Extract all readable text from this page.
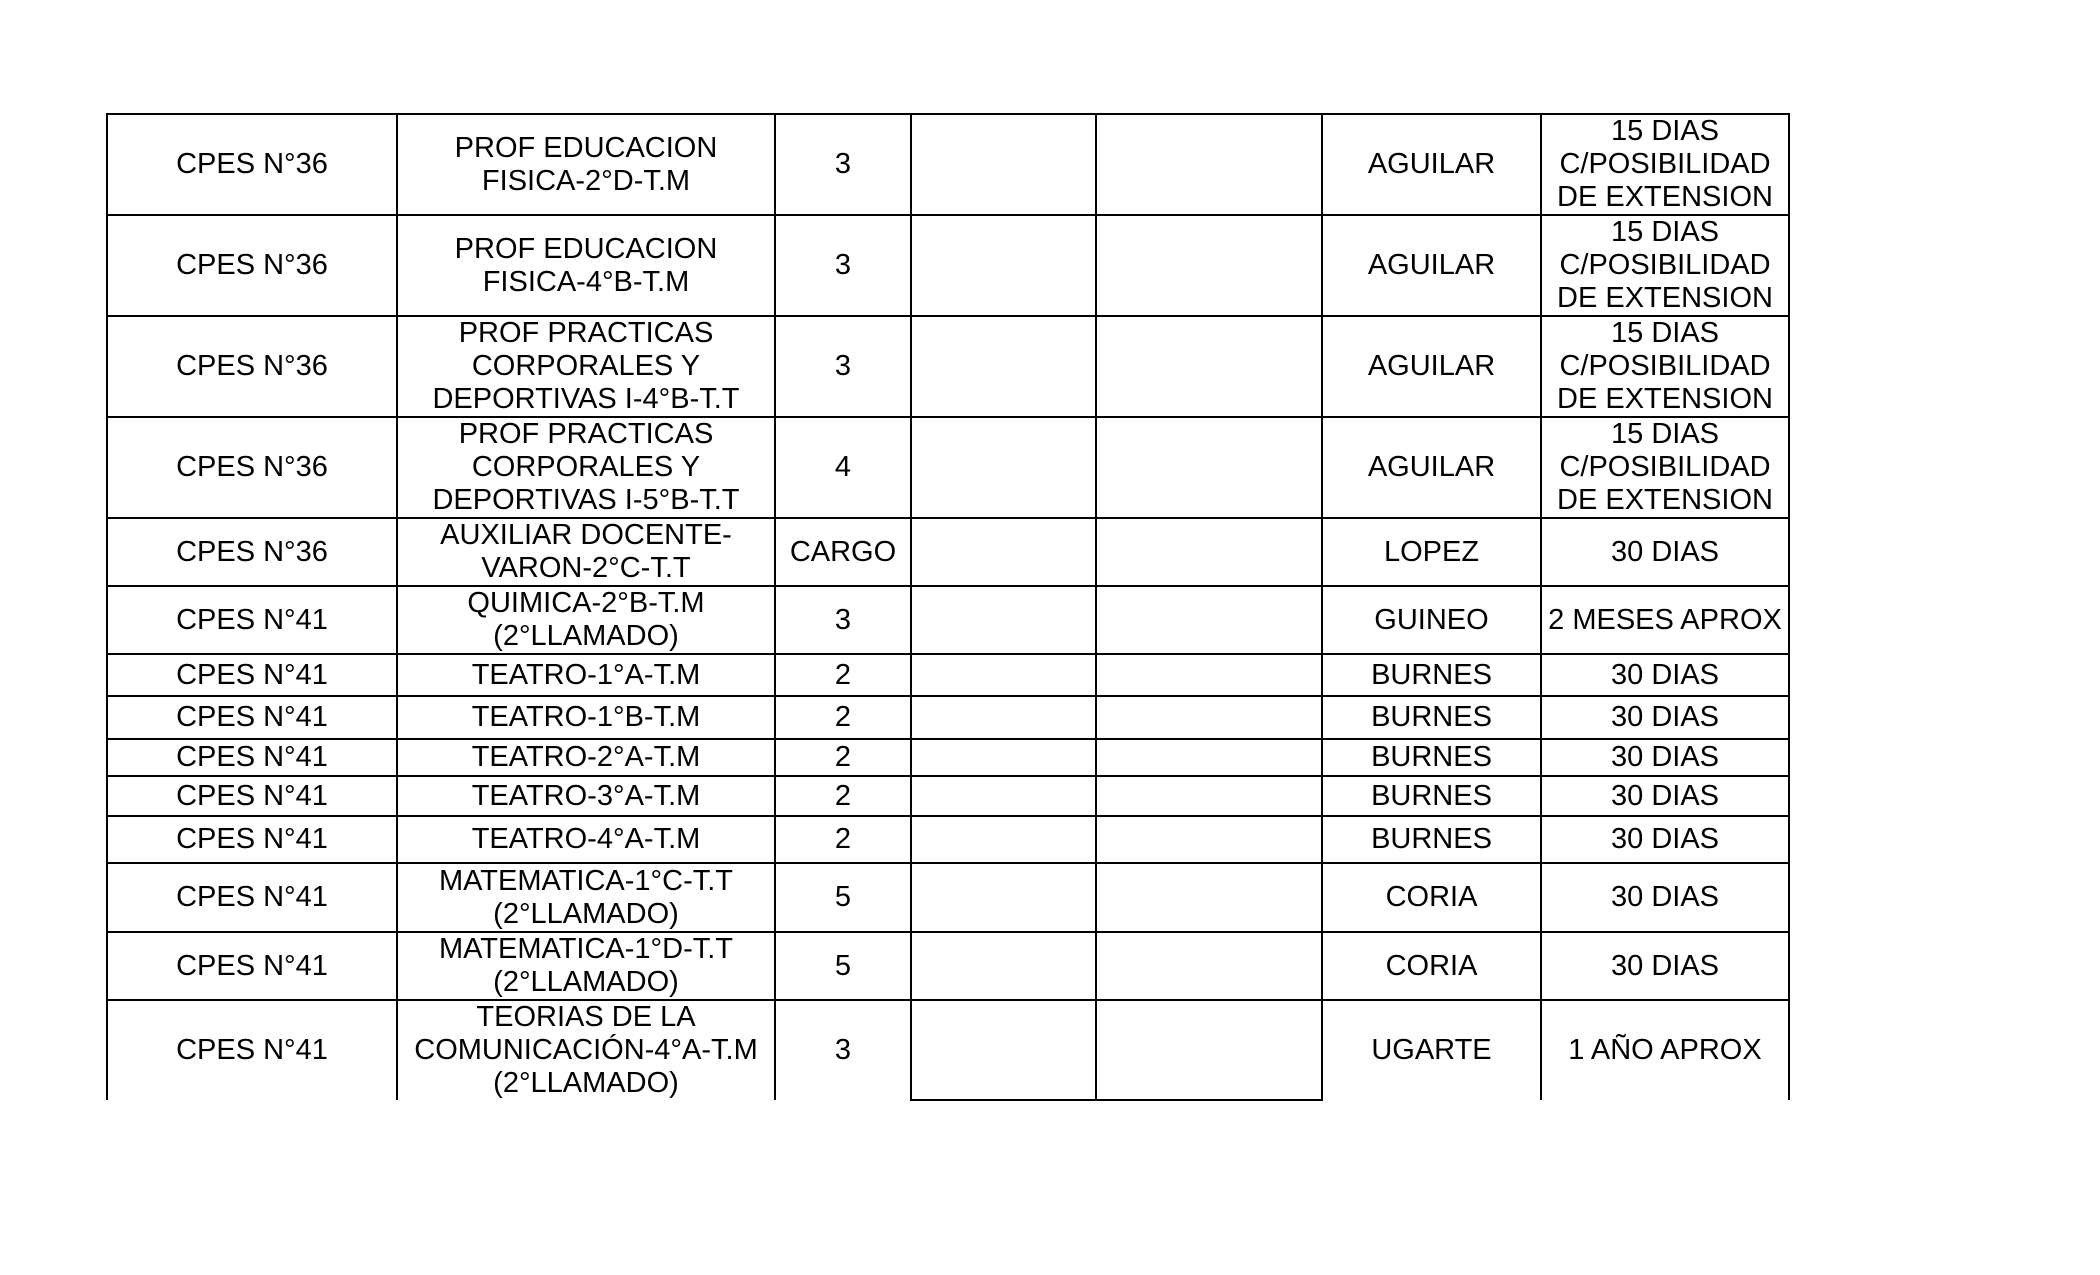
CPES N°36	PROF EDUCACION FISICA-2°D-T.M	3			AGUILAR	15 DIAS C/POSIBILIDAD DE EXTENSION
CPES N°36	PROF EDUCACION FISICA-4°B-T.M	3			AGUILAR	15 DIAS C/POSIBILIDAD DE EXTENSION
CPES N°36	PROF PRACTICAS CORPORALES Y DEPORTIVAS I-4°B-T.T	3			AGUILAR	15 DIAS C/POSIBILIDAD DE EXTENSION
CPES N°36	PROF PRACTICAS CORPORALES Y DEPORTIVAS I-5°B-T.T	4			AGUILAR	15 DIAS C/POSIBILIDAD DE EXTENSION
CPES N°36	AUXILIAR DOCENTE-VARON-2°C-T.T	CARGO			LOPEZ	30 DIAS
CPES N°41	QUIMICA-2°B-T.M (2°LLAMADO)	3			GUINEO	2 MESES APROX
CPES N°41	TEATRO-1°A-T.M	2			BURNES	30 DIAS
CPES N°41	TEATRO-1°B-T.M	2			BURNES	30 DIAS
CPES N°41	TEATRO-2°A-T.M	2			BURNES	30 DIAS
CPES N°41	TEATRO-3°A-T.M	2			BURNES	30 DIAS
CPES N°41	TEATRO-4°A-T.M	2			BURNES	30 DIAS
CPES N°41	MATEMATICA-1°C-T.T (2°LLAMADO)	5			CORIA	30 DIAS
CPES N°41	MATEMATICA-1°D-T.T (2°LLAMADO)	5			CORIA	30 DIAS
CPES N°41	TEORIAS DE LA COMUNICACIÓN-4°A-T.M (2°LLAMADO)	3			UGARTE	1 AÑO APROX
